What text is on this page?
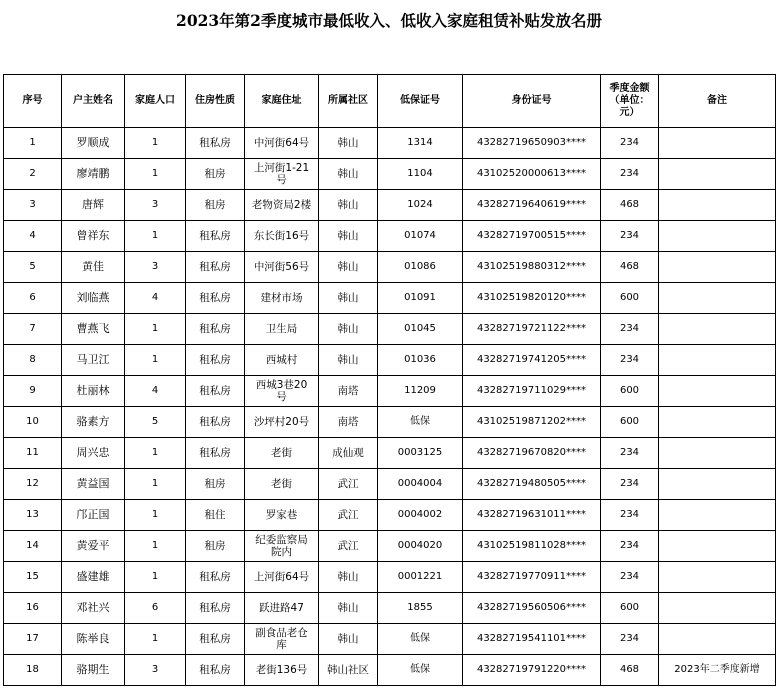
2023年第2季度城市最低收入、低收入家庭租赁补贴发放名册
序号	户主姓名	家庭人口	住房性质	家庭住址	所属社区	低保证号	身份证号	季度金额（单位：元）	备注
1	罗顺成	1	租私房	中河街64号	韩山	1314	43282719650903****	234	
2	廖靖鹏	1	租房	上河街1-21号	韩山	1104	43102520000613****	234	
3	唐辉	3	租房	老物资局2楼	韩山	1024	43282719640619****	468	
4	曾祥东	1	租私房	东长街16号	韩山	01074	43282719700515****	234	
5	黄佳	3	租私房	中河街56号	韩山	01086	43102519880312****	468	
6	刘临燕	4	租私房	建材市场	韩山	01091	43102519820120****	600	
7	曹燕飞	1	租私房	卫生局	韩山	01045	43282719721122****	234	
8	马卫江	1	租私房	西城村	韩山	01036	43282719741205****	234	
9	杜丽林	4	租私房	西城3巷20号	南塔	11209	43282719711029****	600	
10	骆素方	5	租私房	沙坪村20号	南塔	低保	43102519871202****	600	
11	周兴忠	1	租私房	老街	成仙观	0003125	43282719670820****	234	
12	黄益国	1	租房	老街	武江	0004004	43282719480505****	234	
13	邝正国	1	租住	罗家巷	武江	0004002	43282719631011****	234	
14	黄爱平	1	租房	纪委监察局院内	武江	0004020	43102519811028****	234	
15	盛建雄	1	租私房	上河街64号	韩山	0001221	43282719770911****	234	
16	邓社兴	6	租私房	跃进路47	韩山	1855	43282719560506****	600	
17	陈举良	1	租私房	副食品老仓库	韩山	低保	43282719541101****	234	
18	骆期生	3	租私房	老街136号	韩山社区	低保	43282719791220****	468	2023年二季度新增
